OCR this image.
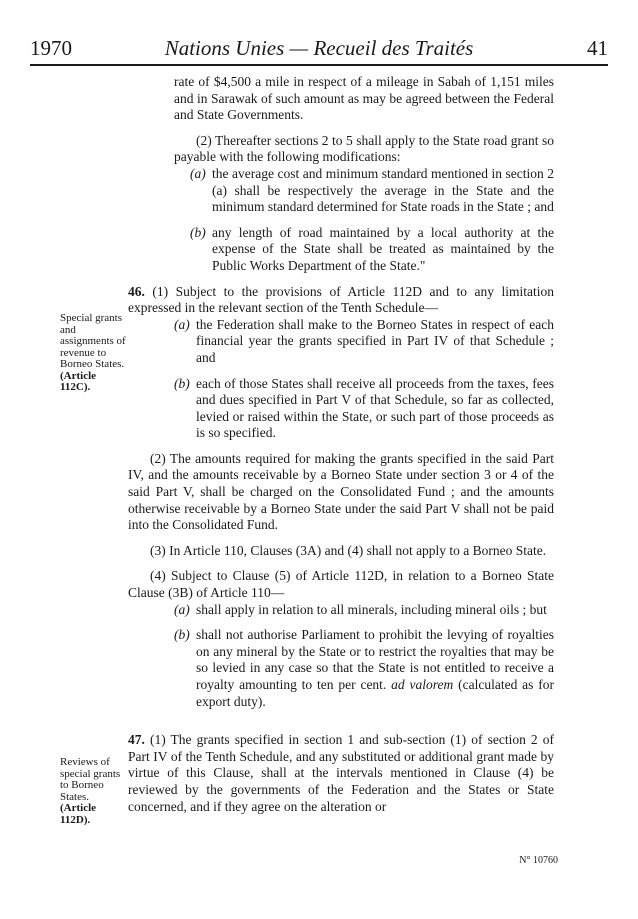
1970	Nations Unies — Recueil des Traités	41
Special grants and assignments of revenue to Borneo States. (Article 112C).
Reviews of special grants to Borneo States. (Article 112D).

rate of $4,500 a mile in respect of a mileage in Sabah of 1,151 miles and in Sarawak of such amount as may be agreed between the Federal and State Governments.

(2) Thereafter sections 2 to 5 shall apply to the State road grant so payable with the following modifications:

(a) the average cost and minimum standard mentioned in section 2 (a) shall be respectively the average in the State and the minimum standard determined for State roads in the State ; and
(b) any length of road maintained by a local authority at the expense of the State shall be treated as maintained by the Public Works Department of the State."

46. (1) Subject to the provisions of Article 112D and to any limitation expressed in the relevant section of the Tenth Schedule—

(a) the Federation shall make to the Borneo States in respect of each financial year the grants specified in Part IV of that Schedule ; and
(b) each of those States shall receive all proceeds from the taxes, fees and dues specified in Part V of that Schedule, so far as collected, levied or raised within the State, or such part of those proceeds as is so specified.

(2) The amounts required for making the grants specified in the said Part IV, and the amounts receivable by a Borneo State under section 3 or 4 of the said Part V, shall be charged on the Consolidated Fund ; and the amounts otherwise receivable by a Borneo State under the said Part V shall not be paid into the Consolidated Fund.

(3) In Article 110, Clauses (3A) and (4) shall not apply to a Borneo State.

(4) Subject to Clause (5) of Article 112D, in relation to a Borneo State Clause (3B) of Article 110—

(a) shall apply in relation to all minerals, including mineral oils ; but
(b) shall not authorise Parliament to prohibit the levying of royalties on any mineral by the State or to restrict the royalties that may be so levied in any case so that the State is not entitled to receive a royalty amounting to ten per cent. ad valorem (calculated as for export duty).

47. (1) The grants specified in section 1 and sub-section (1) of section 2 of Part IV of the Tenth Schedule, and any substituted or additional grant made by virtue of this Clause, shall at the intervals mentioned in Clause (4) be reviewed by the governments of the Federation and the States or State concerned, and if they agree on the alteration or

N° 10760
